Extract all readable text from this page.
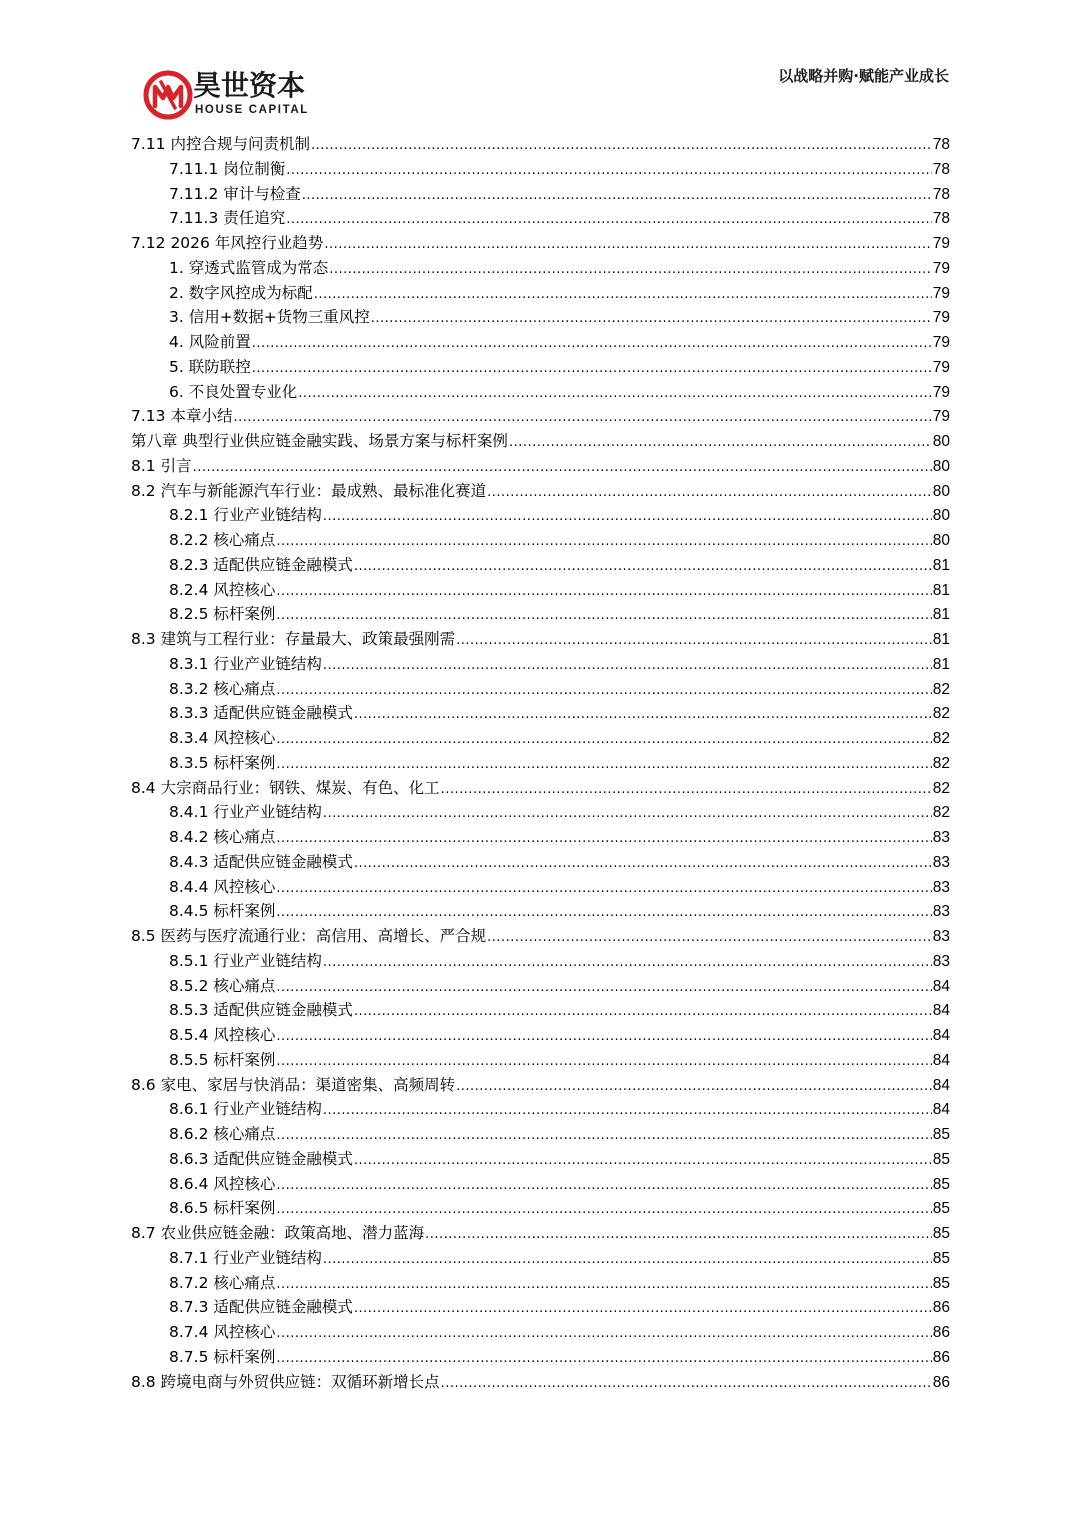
昊世资本
HOUSE CAPITAL
以战略并购·赋能产业成长
7.11 内控合规与问责机制 .....	78
7.11.1 岗位制衡 .....	78
7.11.2 审计与检查 .....	78
7.11.3 责任追究 .....	78
7.12 2026 年风控行业趋势 .....	79
1. 穿透式监管成为常态 .....	79
2. 数字风控成为标配 .....	79
3. 信用+数据+货物三重风控 .....	79
4. 风险前置 .....	79
5. 联防联控 .....	79
6. 不良处置专业化 .....	79
7.13 本章小结 .....	79
第八章 典型行业供应链金融实践、场景方案与标杆案例 .....	80
8.1 引言 .....	80
8.2 汽车与新能源汽车行业：最成熟、最标准化赛道 .....	80
8.2.1 行业产业链结构 .....	80
8.2.2 核心痛点 .....	80
8.2.3 适配供应链金融模式 .....	81
8.2.4 风控核心 .....	81
8.2.5 标杆案例 .....	81
8.3 建筑与工程行业：存量最大、政策最强刚需 .....	81
8.3.1 行业产业链结构 .....	81
8.3.2 核心痛点 .....	82
8.3.3 适配供应链金融模式 .....	82
8.3.4 风控核心 .....	82
8.3.5 标杆案例 .....	82
8.4 大宗商品行业：钢铁、煤炭、有色、化工 .....	82
8.4.1 行业产业链结构 .....	82
8.4.2 核心痛点 .....	83
8.4.3 适配供应链金融模式 .....	83
8.4.4 风控核心 .....	83
8.4.5 标杆案例 .....	83
8.5 医药与医疗流通行业：高信用、高增长、严合规 .....	83
8.5.1 行业产业链结构 .....	83
8.5.2 核心痛点 .....	84
8.5.3 适配供应链金融模式 .....	84
8.5.4 风控核心 .....	84
8.5.5 标杆案例 .....	84
8.6 家电、家居与快消品：渠道密集、高频周转 .....	84
8.6.1 行业产业链结构 .....	84
8.6.2 核心痛点 .....	85
8.6.3 适配供应链金融模式 .....	85
8.6.4 风控核心 .....	85
8.6.5 标杆案例 .....	85
8.7 农业供应链金融：政策高地、潜力蓝海 .....	85
8.7.1 行业产业链结构 .....	85
8.7.2 核心痛点 .....	85
8.7.3 适配供应链金融模式 .....	86
8.7.4 风控核心 .....	86
8.7.5 标杆案例 .....	86
8.8 跨境电商与外贸供应链：双循环新增长点 .....	86
